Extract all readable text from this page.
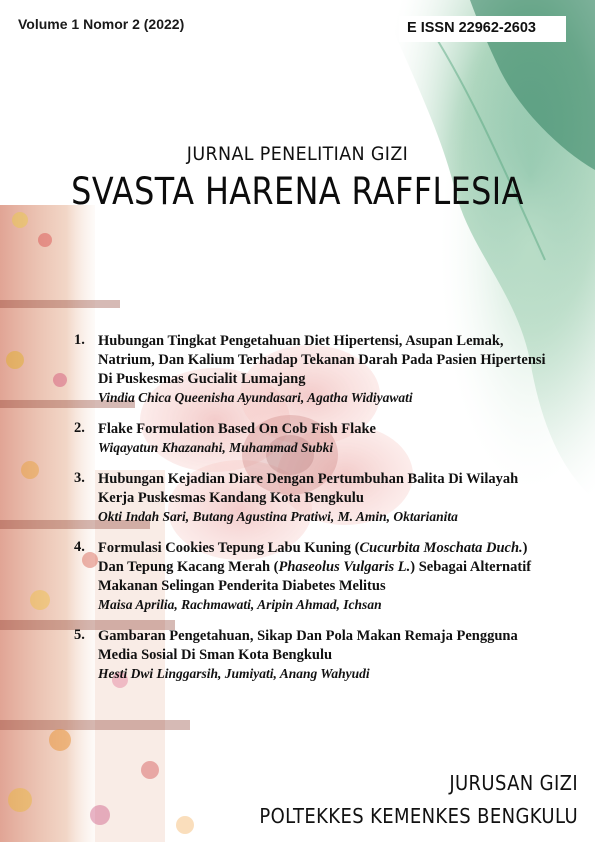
Volume 1 Nomor 2 (2022)	E ISSN 22962-2603
JURNAL PENELITIAN GIZI
SVASTA HARENA RAFFLESIA
1. Hubungan Tingkat Pengetahuan Diet Hipertensi, Asupan Lemak, Natrium, Dan Kalium Terhadap Tekanan Darah Pada Pasien Hipertensi Di Puskesmas Gucialit Lumajang
Vindia Chica Queenisha Ayundasari, Agatha Widiyawati
2. Flake Formulation Based On Cob Fish Flake
Wiqayatun Khazanahi, Muhammad Subki
3. Hubungan Kejadian Diare Dengan Pertumbuhan Balita Di Wilayah Kerja Puskesmas Kandang Kota Bengkulu
Okti Indah Sari, Butang Agustina Pratiwi, M. Amin, Oktarianita
4. Formulasi Cookies Tepung Labu Kuning (Cucurbita Moschata Duch.) Dan Tepung Kacang Merah (Phaseolus Vulgaris L.) Sebagai Alternatif Makanan Selingan Penderita Diabetes Melitus
Maisa Aprilia, Rachmawati, Aripin Ahmad, Ichsan
5. Gambaran Pengetahuan, Sikap Dan Pola Makan Remaja Pengguna Media Sosial Di Sman Kota Bengkulu
Hesti Dwi Linggarsih, Jumiyati, Anang Wahyudi
JURUSAN GIZI
POLTEKKES KEMENKES BENGKULU
